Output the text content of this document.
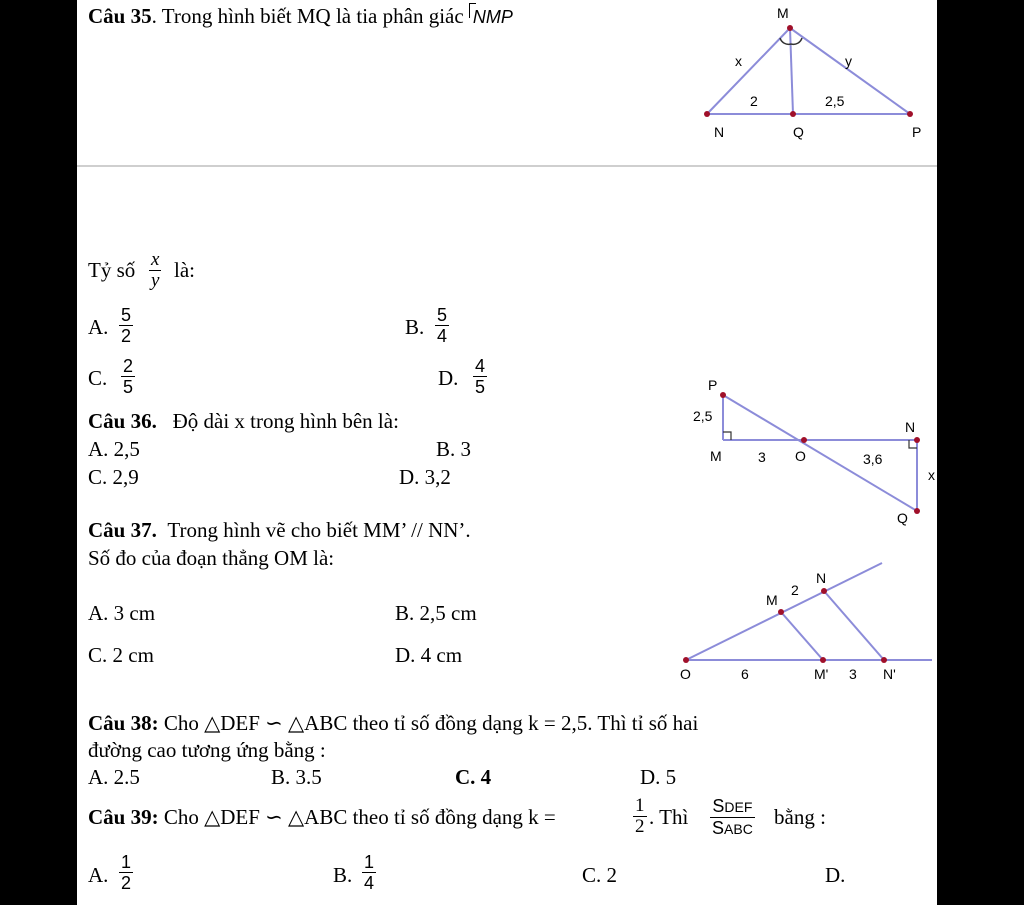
Câu 35. Trong hình biết MQ là tia phân giác NMP	M
x	y
2	2,5
N	Q	P
Tỷ số $\frac{x}{y}$ là:
A. $\frac{5}{2}$	B. $\frac{5}{4}$
C. $\frac{2}{5}$	D. $\frac{4}{5}$
Câu 36. Độ dài x trong hình bên là:
A. 2,5	B. 3
C. 2,9	D. 3,2
P
2,5
M	3 O	3,6
N
x
Q
Câu 37. Trong hình vẽ cho biết MM’ // NN’.
Số đo của đoạn thẳng OM là:
A. 3 cm	B. 2,5 cm
C. 2 cm	D. 4 cm
M
2
N
O	6	M' 3 N'
Câu 38: Cho △DEF ∽ △ABC theo tỉ số đồng dạng k = 2,5. Thì tỉ số hai
đường cao tương ứng bằng :
A. 2.5	B. 3.5	C. 4	D. 5
Câu 39: Cho △DEF ∽ △ABC theo tỉ số đồng dạng k =	$\frac{1}{2}$ . Thì SDEF
SABC bằng :
A. $\frac{1}{2}$	B. $\frac{1}{4}$	C. 2	D.
